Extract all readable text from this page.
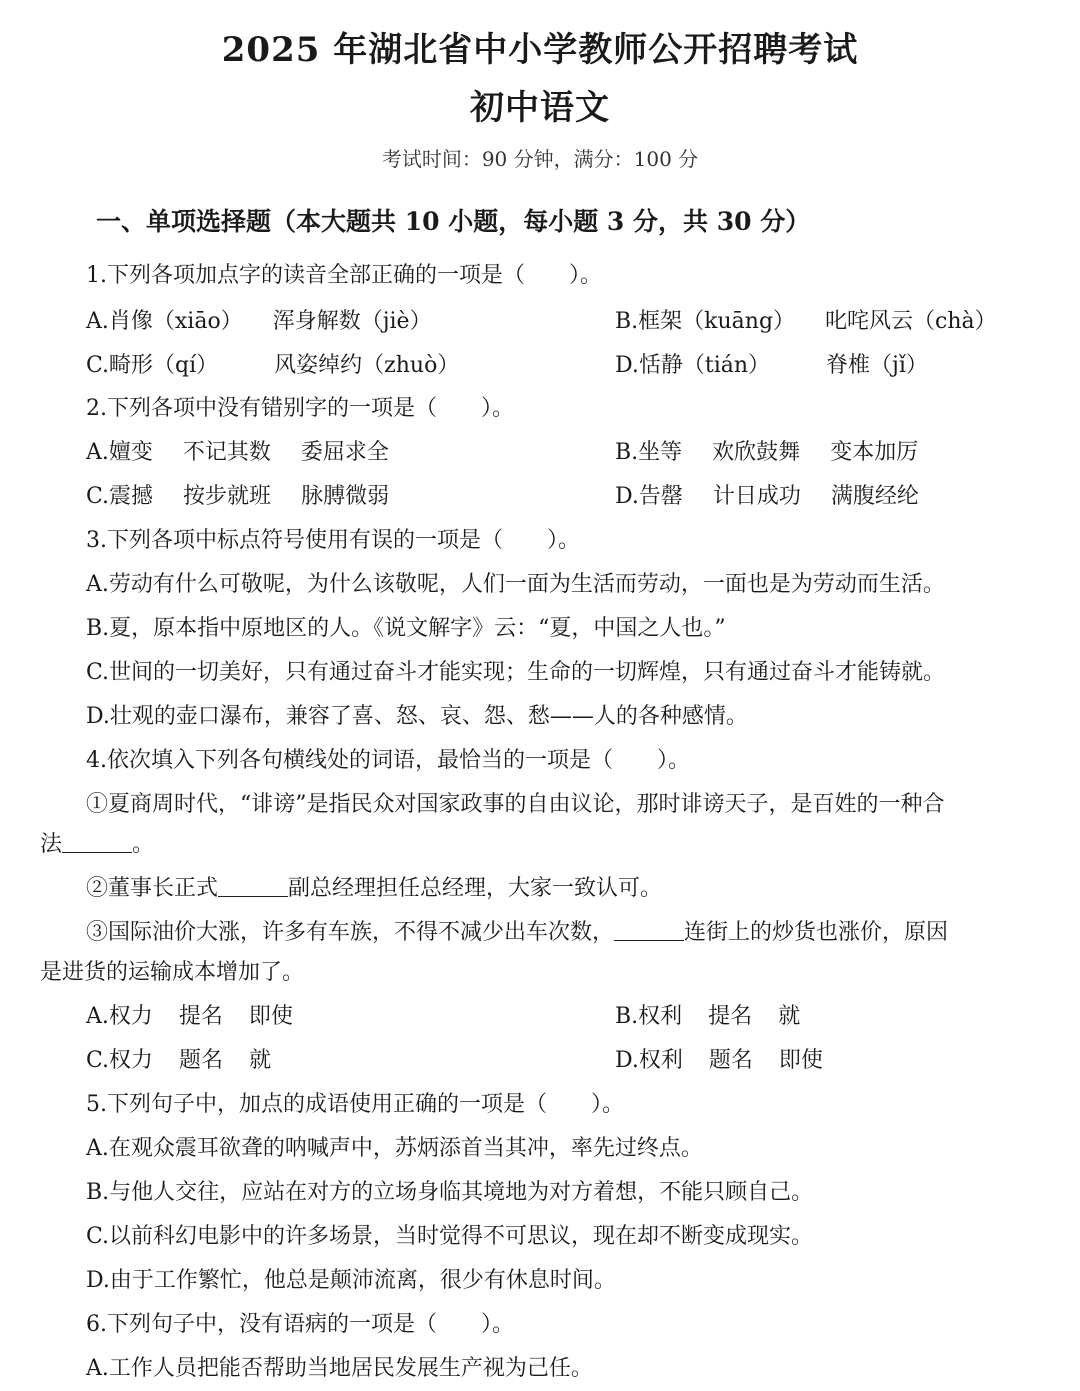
2025 年湖北省中小学教师公开招聘考试
初中语文
考试时间：90 分钟，满分：100 分
一、单项选择题（本大题共 10 小题，每小题 3 分，共 30 分）
1.下列各项加点字的读音全部正确的一项是（　　）。
A.肖像（xiāo） 浑身解数（jiè）	B.框架（kuāng） 叱咤风云（chà）
C.畸形（qí）	风姿绰约（zhuò）	D.恬静（tián）	脊椎（jǐ）
2.下列各项中没有错别字的一项是（　　）。
A.嬗变 不记其数 委屈求全	B.坐等 欢欣鼓舞 变本加厉
C.震撼 按步就班 脉膊微弱	D.告罄 计日成功 满腹经纶
3.下列各项中标点符号使用有误的一项是（　　）。
A.劳动有什么可敬呢，为什么该敬呢，人们一面为生活而劳动，一面也是为劳动而生活。
B.夏，原本指中原地区的人。《说文解字》云：“夏，中国之人也。”
C.世间的一切美好，只有通过奋斗才能实现；生命的一切辉煌，只有通过奋斗才能铸就。
D.壮观的壶口瀑布，兼容了喜、怒、哀、怨、愁——人的各种感情。
4.依次填入下列各句横线处的词语，最恰当的一项是（　　）。
①夏商周时代，“诽谤”是指民众对国家政事的自由议论，那时诽谤天子，是百姓的一种合
法	。
②董事长正式	副总经理担任总经理，大家一致认可。
③国际油价大涨，许多有车族，不得不减少出车次数，	连街上的炒货也涨价，原因
是进货的运输成本增加了。
A.权力 提名 即使	B.权利 提名 就
C.权力 题名 就	D.权利 题名 即使
5.下列句子中，加点的成语使用正确的一项是（　　）。
A.在观众震耳欲聋的呐喊声中，苏炳添首当其冲，率先过终点。
B.与他人交往，应站在对方的立场身临其境地为对方着想，不能只顾自己。
C.以前科幻电影中的许多场景，当时觉得不可思议，现在却不断变成现实。
D.由于工作繁忙，他总是颠沛流离，很少有休息时间。
6.下列句子中，没有语病的一项是（　　）。
A.工作人员把能否帮助当地居民发展生产视为己任。
